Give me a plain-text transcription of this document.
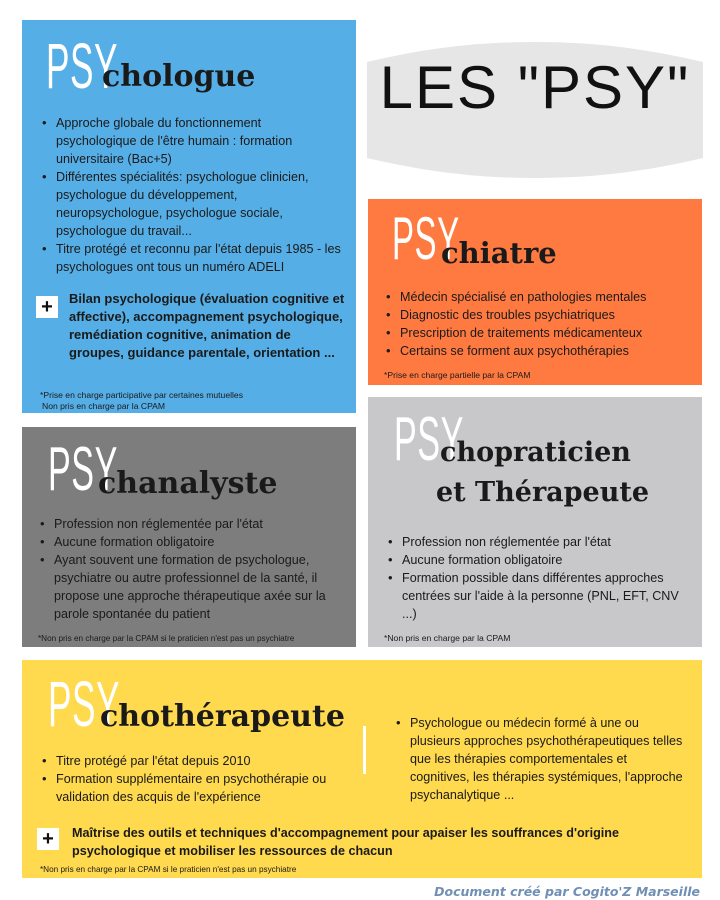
LES "PSY"
PSY
chologue
• Approche globale du fonctionnement psychologique de l'être humain : formation universitaire (Bac+5)
• Différentes spécialités: psychologue clinicien, psychologue du développement, neuropsychologue, psychologue sociale, psychologue du travail...
• Titre protégé et reconnu par l'état depuis 1985 - les psychologues ont tous un numéro ADELI
+	Bilan psychologique (évaluation cognitive et affective), accompagnement psychologique, remédiation cognitive, animation de groupes, guidance parentale, orientation ...
*Prise en charge participative par certaines mutuelles
Non pris en charge par la CPAM
PSY
chiatre
• Médecin spécialisé en pathologies mentales
• Diagnostic des troubles psychiatriques
• Prescription de traitements médicamenteux
• Certains se forment aux psychothérapies
*Prise en charge partielle par la CPAM
PSY
chanalyste
• Profession non réglementée par l'état
• Aucune formation obligatoire
• Ayant souvent une formation de psychologue, psychiatre ou autre professionnel de la santé, il propose une approche thérapeutique axée sur la parole spontanée du patient
*Non pris en charge par la CPAM si le praticien n'est pas un psychiatre
PSY
chopraticien
et Thérapeute
• Profession non réglementée par l'état
• Aucune formation obligatoire
• Formation possible dans différentes approches centrées sur l'aide à la personne (PNL, EFT, CNV ...)
*Non pris en charge par la CPAM
PSY
chothérapeute
• Titre protégé par l'état depuis 2010
• Formation supplémentaire en psychothérapie ou validation des acquis de l'expérience
• Psychologue ou médecin formé à une ou plusieurs approches psychothérapeutiques telles que les thérapies comportementales et cognitives, les thérapies systémiques, l'approche psychanalytique ...
+	Maîtrise des outils et techniques d'accompagnement pour apaiser les souffrances d'origine psychologique et mobiliser les ressources de chacun
*Non pris en charge par la CPAM si le praticien n'est pas un psychiatre
Document créé par Cogito'Z Marseille
